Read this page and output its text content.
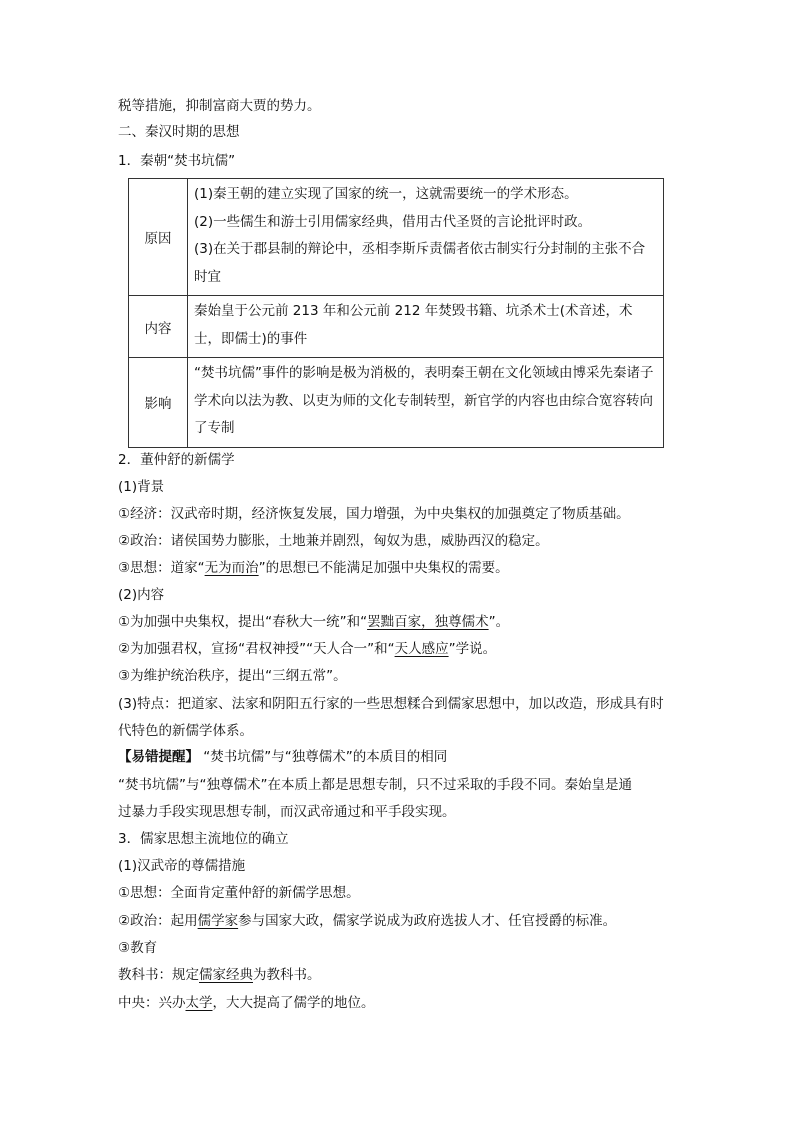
税等措施，抑制富商大贾的势力。
二、秦汉时期的思想
1．秦朝“焚书坑儒”
原因	(1)秦王朝的建立实现了国家的统一，这就需要统一的学术形态。
(2)一些儒生和游士引用儒家经典，借用古代圣贤的言论批评时政。
(3)在关于郡县制的辩论中，丞相李斯斥责儒者依古制实行分封制的主张不合时宜

内容	秦始皇于公元前 213 年和公元前 212 年焚毁书籍、坑杀术士(术音述，术士，即儒士)的事件

影响	“焚书坑儒”事件的影响是极为消极的，表明秦王朝在文化领域由博采先秦诸子学术向以法为教、以吏为师的文化专制转型，新官学的内容也由综合宽容转向了专制
2．董仲舒的新儒学
(1)背景
①经济：汉武帝时期，经济恢复发展，国力增强，为中央集权的加强奠定了物质基础。
②政治：诸侯国势力膨胀，土地兼并剧烈，匈奴为患，威胁西汉的稳定。
③思想：道家“无为而治”的思想已不能满足加强中央集权的需要。
(2)内容
①为加强中央集权，提出“春秋大一统”和“罢黜百家，独尊儒术”。
②为加强君权，宣扬“君权神授”“天人合一”和“天人感应”学说。
③为维护统治秩序，提出“三纲五常”。
(3)特点：把道家、法家和阴阳五行家的一些思想糅合到儒家思想中，加以改造，形成具有时
代特色的新儒学体系。
【易错提醒】 “焚书坑儒”与“独尊儒术”的本质目的相同
“焚书坑儒”与“独尊儒术”在本质上都是思想专制，只不过采取的手段不同。秦始皇是通
过暴力手段实现思想专制，而汉武帝通过和平手段实现。
3．儒家思想主流地位的确立
(1)汉武帝的尊儒措施
①思想：全面肯定董仲舒的新儒学思想。
②政治：起用儒学家参与国家大政，儒家学说成为政府选拔人才、任官授爵的标准。
③教育
教科书：规定儒家经典为教科书。
中央：兴办太学，大大提高了儒学的地位。
